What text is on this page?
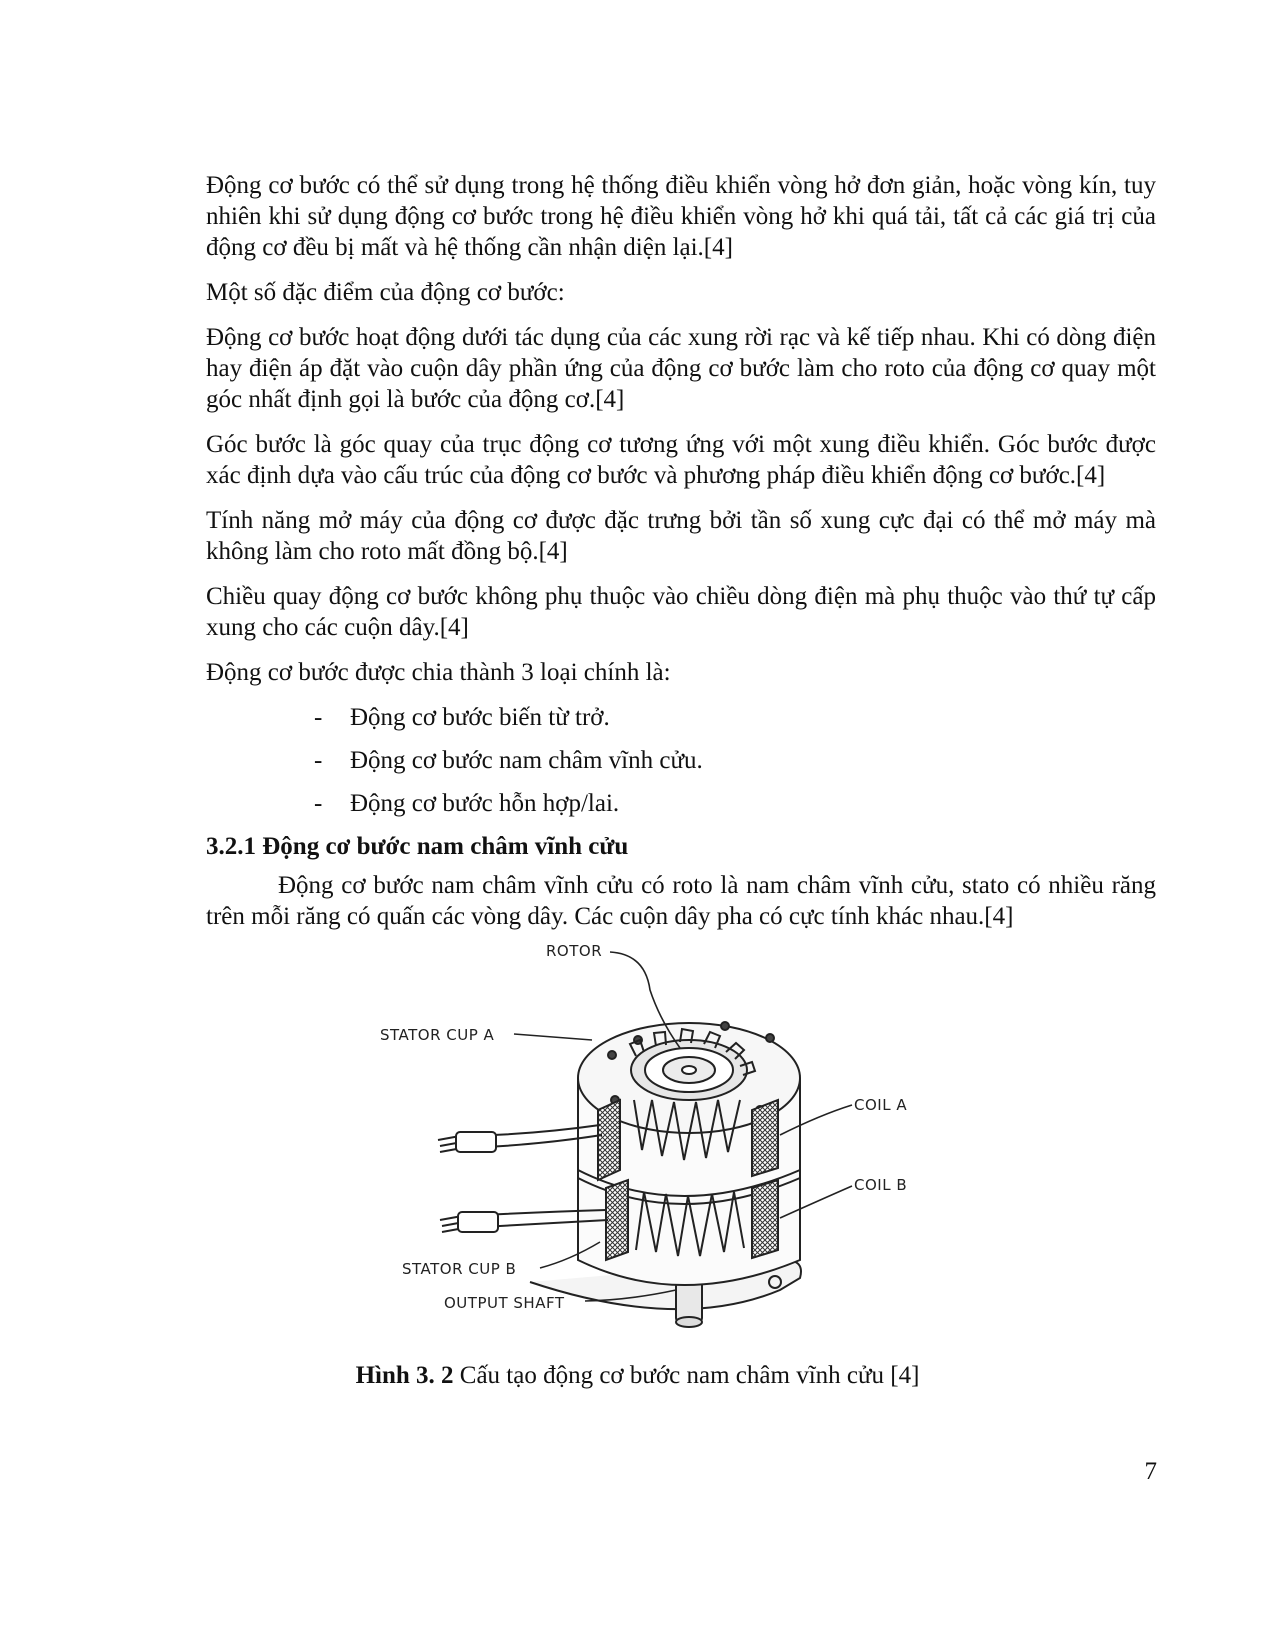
Động cơ bước có thể sử dụng trong hệ thống điều khiển vòng hở đơn giản, hoặc vòng kín, tuy nhiên khi sử dụng động cơ bước trong hệ điều khiển vòng hở khi quá tải, tất cả các giá trị của động cơ đều bị mất và hệ thống cần nhận diện lại.[4]

Một số đặc điểm của động cơ bước:

Động cơ bước hoạt động dưới tác dụng của các xung rời rạc và kế tiếp nhau. Khi có dòng điện hay điện áp đặt vào cuộn dây phần ứng của động cơ bước làm cho roto của động cơ quay một góc nhất định gọi là bước của động cơ.[4]

Góc bước là góc quay của trục động cơ tương ứng với một xung điều khiển. Góc bước được xác định dựa vào cấu trúc của động cơ bước và phương pháp điều khiển động cơ bước.[4]

Tính năng mở máy của động cơ được đặc trưng bởi tần số xung cực đại có thể mở máy mà không làm cho roto mất đồng bộ.[4]

Chiều quay động cơ bước không phụ thuộc vào chiều dòng điện mà phụ thuộc vào thứ tự cấp xung cho các cuộn dây.[4]

Động cơ bước được chia thành 3 loại chính là:

-	Động cơ bước biến từ trở.
-	Động cơ bước nam châm vĩnh cửu.
-	Động cơ bước hỗn hợp/lai.
3.2.1 Động cơ bước nam châm vĩnh cửu

Động cơ bước nam châm vĩnh cửu có roto là nam châm vĩnh cửu, stato có nhiều răng trên mỗi răng có quấn các vòng dây. Các cuộn dây pha có cực tính khác nhau.[4]

ROTOR
STATOR CUP A
COIL A
COIL B
STATOR CUP B
OUTPUT SHAFT
Hình 3. 2 Cấu tạo động cơ bước nam châm vĩnh cửu [4]
7
